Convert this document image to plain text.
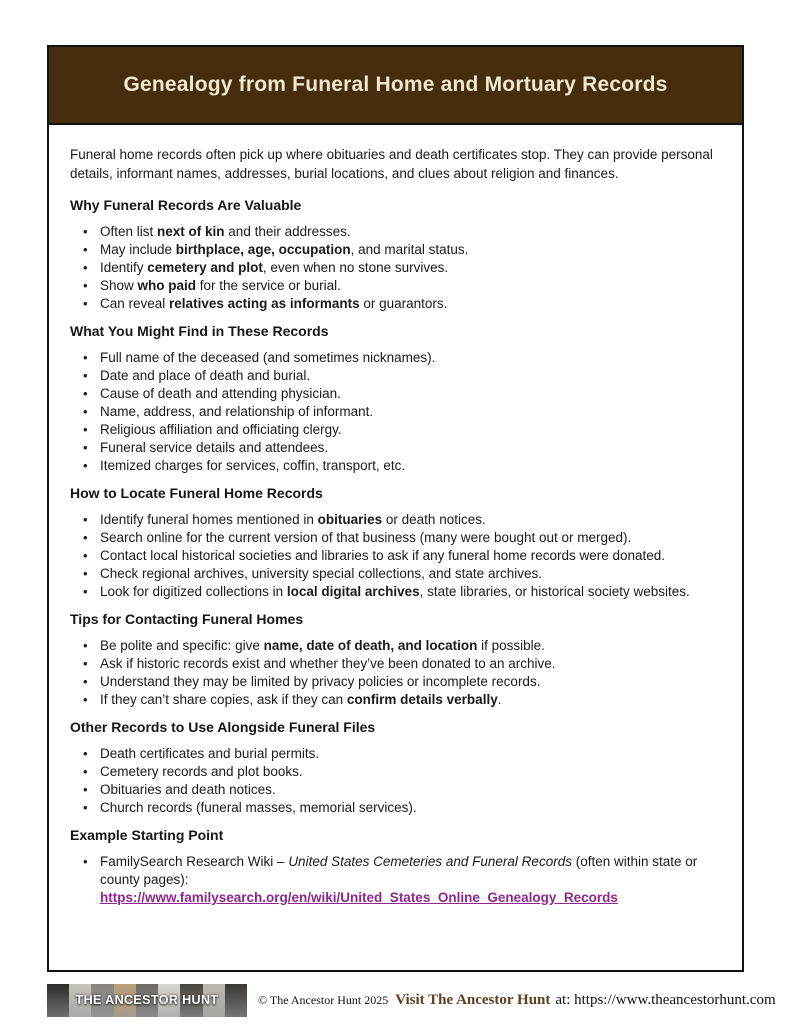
Genealogy from Funeral Home and Mortuary Records

Funeral home records often pick up where obituaries and death certificates stop. They can provide personal details, informant names, addresses, burial locations, and clues about religion and finances.

Why Funeral Records Are Valuable
• Often list next of kin and their addresses.
• May include birthplace, age, occupation, and marital status.
• Identify cemetery and plot, even when no stone survives.
• Show who paid for the service or burial.
• Can reveal relatives acting as informants or guarantors.
What You Might Find in These Records
• Full name of the deceased (and sometimes nicknames).
• Date and place of death and burial.
• Cause of death and attending physician.
• Name, address, and relationship of informant.
• Religious affiliation and officiating clergy.
• Funeral service details and attendees.
• Itemized charges for services, coffin, transport, etc.
How to Locate Funeral Home Records
• Identify funeral homes mentioned in obituaries or death notices.
• Search online for the current version of that business (many were bought out or merged).
• Contact local historical societies and libraries to ask if any funeral home records were donated.
• Check regional archives, university special collections, and state archives.
• Look for digitized collections in local digital archives, state libraries, or historical society websites.
Tips for Contacting Funeral Homes
• Be polite and specific: give name, date of death, and location if possible.
• Ask if historic records exist and whether they’ve been donated to an archive.
• Understand they may be limited by privacy policies or incomplete records.
• If they can’t share copies, ask if they can confirm details verbally.
Other Records to Use Alongside Funeral Files
• Death certificates and burial permits.
• Cemetery records and plot books.
• Obituaries and death notices.
• Church records (funeral masses, memorial services).
Example Starting Point
• FamilySearch Research Wiki – United States Cemeteries and Funeral Records (often within state or county pages):
https://www.familysearch.org/en/wiki/United_States_Online_Genealogy_Records
THE ANCESTOR HUNT	© The Ancestor Hunt 2025 Visit The Ancestor Hunt at: https://www.theancestorhunt.com
